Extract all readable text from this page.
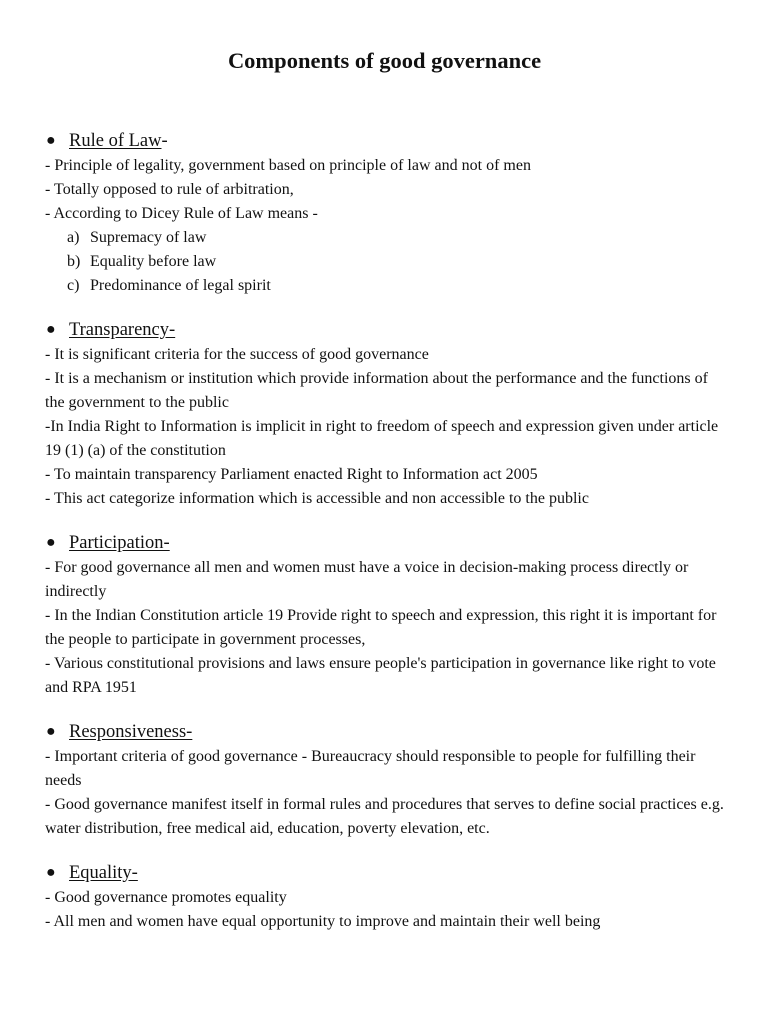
Components of good governance
● Rule of Law -
- Principle of legality, government based on principle of law and not of men
- Totally opposed to rule of arbitration,
- According to Dicey Rule of Law means -
a) Supremacy of law
b) Equality before law
c) Predominance of legal spirit
● Transparency-
- It is significant criteria for the success of good governance
- It is a mechanism or institution which provide information about the performance and the functions of the government to the public
-In India Right to Information is implicit in right to freedom of speech and expression given under article 19 (1) (a) of the constitution
- To maintain transparency Parliament enacted Right to Information act 2005
- This act categorize information which is accessible and non accessible to the public
● Participation-
- For good governance all men and women must have a voice in decision-making process directly or indirectly
- In the Indian Constitution article 19 Provide right to speech and expression, this right it is important for the people to participate in government processes,
- Various constitutional provisions and laws ensure people's participation in governance like right to vote and RPA 1951
● Responsiveness-
- Important criteria of good governance - Bureaucracy should responsible to people for fulfilling their needs
- Good governance manifest itself in formal rules and procedures that serves to define social practices e.g. water distribution, free medical aid, education, poverty elevation, etc.
● Equality-
- Good governance promotes equality
- All men and women have equal opportunity to improve and maintain their well being
